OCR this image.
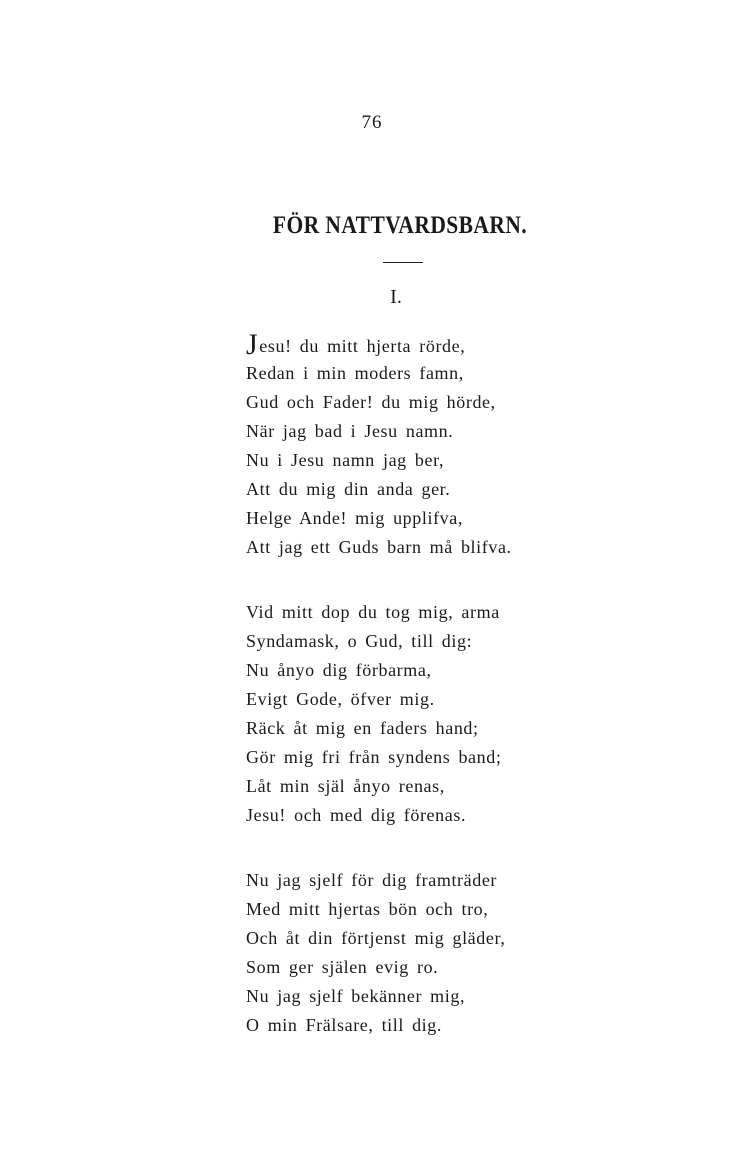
76
FÖR NATTVARDSBARN.
I.
Jesu! du mitt hjerta rörde,
Redan i min moders famn,
Gud och Fader! du mig hörde,
När jag bad i Jesu namn.
Nu i Jesu namn jag ber,
Att du mig din anda ger.
Helge Ande! mig upplifva,
Att jag ett Guds barn må blifva.
Vid mitt dop du tog mig, arma
Syndamask, o Gud, till dig:
Nu ånyo dig förbarma,
Evigt Gode, öfver mig.
Räck åt mig en faders hand;
Gör mig fri från syndens band;
Låt min själ ånyo renas,
Jesu! och med dig förenas.
Nu jag sjelf för dig framträder
Med mitt hjertas bön och tro,
Och åt din förtjenst mig gläder,
Som ger själen evig ro.
Nu jag sjelf bekänner mig,
O min Frälsare, till dig.
